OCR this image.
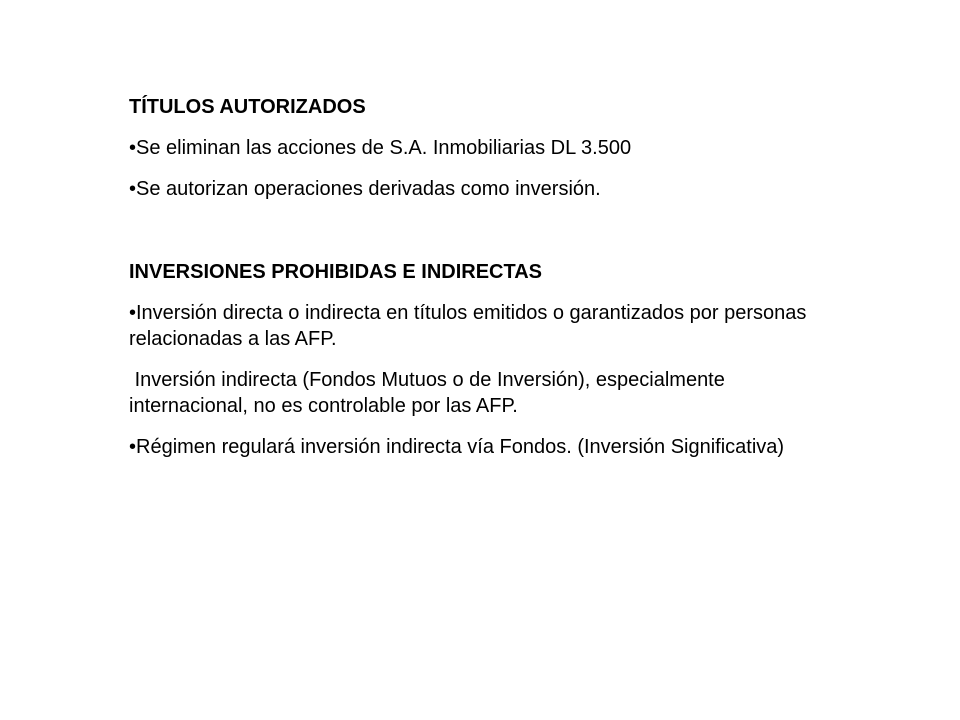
TÍTULOS AUTORIZADOS
•Se eliminan las acciones de S.A. Inmobiliarias DL 3.500
•Se autorizan operaciones derivadas como inversión.
INVERSIONES PROHIBIDAS E INDIRECTAS
•Inversión directa o indirecta en títulos emitidos o garantizados por personas relacionadas a las AFP.
Inversión indirecta (Fondos Mutuos o de Inversión), especialmente internacional, no es controlable por las AFP.
•Régimen regulará inversión indirecta vía Fondos. (Inversión Significativa)
